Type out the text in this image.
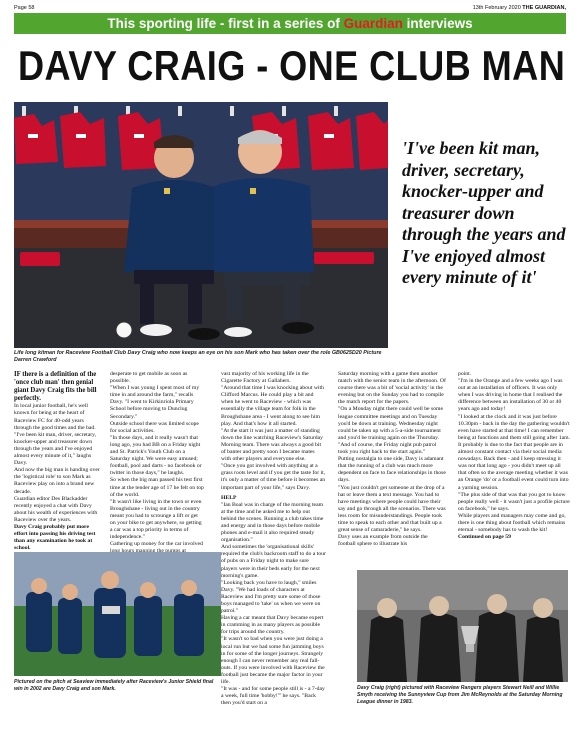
Page 58	13th February 2020 THE GUARDIAN,
This sporting life - first in a series of Guardian interviews
DAVY CRAIG - ONE CLUB MAN
Life long kitman for Raceview Football Club Davy Craig who now keeps an eye on his son Mark who has taken over the role GB0625D20 Picture Darren Crawford
'I've been kit man, driver, secretary, knocker-upper and treasurer down through the years and I've enjoyed almost every minute of it'

IF there is a definition of the 'once club man' then genial giant Davy Craig fits the bill perfectly.

In local junior football, he's well known for being at the heart of Raceview FC for 40-odd years through the good times and the bad.

"I've been kit man, driver, secretary, knocker-upper and treasurer down through the years and I've enjoyed almost every minute of it," laughs Davy.

And now the big man is handing over the 'logistical role' to son Mark as Raceview play on into a brand new decade.

Guardian editor Des Blackadder recently enjoyed a chat with Davy about his wealth of experiences with Raceview over the years.

Davy Craig probably put more effort into passing his driving test than any examination he took at school.

desperate to get mobile as soon as possible.

"When I was young I spent most of my time in and around the farm," recalls Davy. "I went to Kirkinriola Primary School before moving to Dunclug Secondary."

Outside school there was limited scope for social activities.

"In those days, and it really wasn't that long ago, you had BB on a Friday night and St. Patrick's Youth Club on a Saturday night. We were easy amused; football, pool and darts - no facebook or twitter in those days," he laughs.

So when the big man passed his test first time at the tender age of 17 he felt on top of the world.

"It wasn't like living in the town or even Broughshane - living out in the country meant you had to scrounge a lift or get on your bike to get anywhere, so getting a car was a top priority in terms of independence."

Gathering up money for the car involved

vast majority of his working life in the Cigarette Factory at Gallahers.

"Around that time I was knocking about with Clifford Marcus. He could play a bit and when he went to Raceview - which was essentially the village team for folk in the Broughshane area - I went along to see him play. And that's how it all started.

"At the start it was just a matter of standing down the line watching Raceview's Saturday Morning team. There was always a good bit of banter and pretty soon I became mates with other players and everyone else.

"Once you got involved with anything at a grass roots level and if you get the taste for it, it's only a matter of time before it becomes an important part of your life," says Davy.

HELP

"Ian Boal was in charge of the morning team at the time and he asked me to help out behind the scenes. Running a club takes time and energy and in those days before mobile phones and e-mail it also required steady organisation."

And sometimes the 'organisational skills' required the club's backroom staff to do a tour of pubs on a Friday night to make sure players were in their beds early for the next morning's game.

"Looking back you have to laugh," smiles Davy. "We had loads of characters at Raceview and I'm pretty sure some of those boys managed to 'take' us when we were on patrol."

Having a car meant that Davy became expert in cramming in as many players as possible for trips around the country.

"It wasn't so bad when you were just doing a local run but we had some fun jamming boys in for some of the longer journeys. Strangely enough I can never remember any real fall-outs. If you were involved with Raceview the football just became the major factor in your life.

"It was - and for some people still is - a 7-day a week, full time 'hobby!'" he says. "Back then you'd start on a

Saturday morning with a game then another match with the senior team in the afternoon. Of course there was a bit of 'social activity' in the evening but on the Sunday you had to compile the match report for the papers.

"On a Monday night there could well be some league committee meetings and on Tuesday you'd be down at training. Wednesday night could be taken up with a 5-a-side tournament and you'd be training again on the Thursday.

"And of course, the Friday night pub patrol took you right back to the start again."

Putting nostalgia to one side, Davy is adamant that the running of a club was much more dependent on face to face relationships in those days.

"You just couldn't get someone at the drop of a hat or leave them a text message. You had to have meetings where people could have their say and go through all the scenarios. There was less room for misunderstandings. People took time to speak to each other and that built up a great sense of camaraderie," he says.

Davy uses an example from outside the football sphere to illustrate his

point.

"I'm in the Orange and a few weeks ago I was out at an installation of officers. It was only when I was driving in home that I realised the difference between an installation of 30 or 40 years ago and today!

"I looked at the clock and it was just before 10.30pm - back in the day the gathering wouldn't even have started at that time! I can remember being at functions and them still going after 1am. It probably is due to the fact that people are in almost constant contact via their social media nowadays. Back then - and I keep stressing it was not that long ago - you didn't meet up all that often so the average meeting whether it was an Orange 'do' or a football event could turn into a yarning session.

"The plus side of that was that you got to know people really well - it wasn't just a profile picture on facebook," he says.

While players and managers may come and go, there is one thing about football which remains eternal - somebody has to wash the kit!

Continued on page 59

Pictured on the pitch at Seaview immediately after Raceview's Junior Shield final win in 2002 are Davy Craig and son Mark.	Davy Craig (right) pictured with Raceview Rangers players Stewart Neill and Willie Smyth receiving the Sunnyview Cup from Jim McReynolds at the Saturday Morning League dinner in 1983.
